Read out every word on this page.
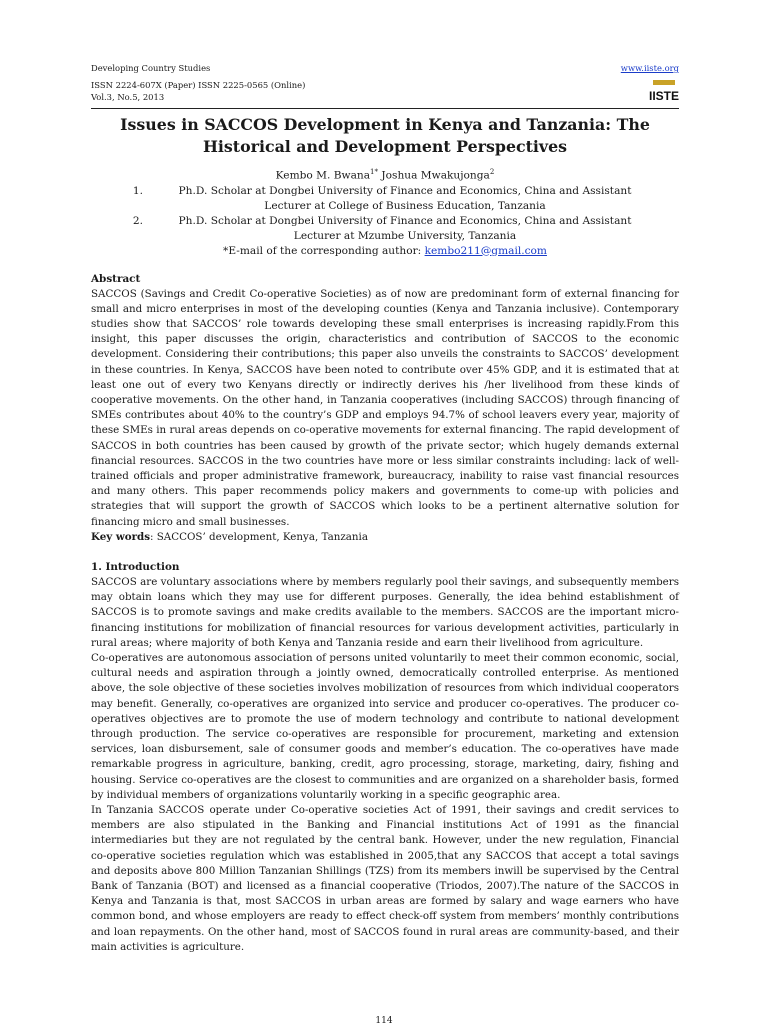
Developing Country Studies
ISSN 2224-607X (Paper) ISSN 2225-0565 (Online)
Vol.3, No.5, 2013
www.iiste.org

IISTE
Issues in SACCOS Development in Kenya and Tanzania: The Historical and Development Perspectives
Kembo M. Bwana$^{1*}$ Joshua Mwakujonga$^2$
1.	Ph.D. Scholar at Dongbei University of Finance and Economics, China and Assistant Lecturer at College of Business Education, Tanzania
2.	Ph.D. Scholar at Dongbei University of Finance and Economics, China and Assistant Lecturer at Mzumbe University, Tanzania
*E-mail of the corresponding author: kembo211@gmail.com
Abstract

SACCOS (Savings and Credit Co-operative Societies) as of now are predominant form of external financing for small and micro enterprises in most of the developing counties (Kenya and Tanzania inclusive). Contemporary studies show that SACCOS’ role towards developing these small enterprises is increasing rapidly.From this insight, this paper discusses the origin, characteristics and contribution of SACCOS to the economic development. Considering their contributions; this paper also unveils the constraints to SACCOS’ development in these countries. In Kenya, SACCOS have been noted to contribute over 45% GDP, and it is estimated that at least one out of every two Kenyans directly or indirectly derives his /her livelihood from these kinds of cooperative movements. On the other hand, in Tanzania cooperatives (including SACCOS) through financing of SMEs contributes about 40% to the country’s GDP and employs 94.7% of school leavers every year, majority of these SMEs in rural areas depends on co-operative movements for external financing. The rapid development of SACCOS in both countries has been caused by growth of the private sector; which hugely demands external financial resources. SACCOS in the two countries have more or less similar constraints including: lack of well-trained officials and proper administrative framework, bureaucracy, inability to raise vast financial resources and many others. This paper recommends policy makers and governments to come-up with policies and strategies that will support the growth of SACCOS which looks to be a pertinent alternative solution for financing micro and small businesses.

Key words: SACCOS’ development, Kenya, Tanzania
1. Introduction

SACCOS are voluntary associations where by members regularly pool their savings, and subsequently members may obtain loans which they may use for different purposes. Generally, the idea behind establishment of SACCOS is to promote savings and make credits available to the members. SACCOS are the important micro-financing institutions for mobilization of financial resources for various development activities, particularly in rural areas; where majority of both Kenya and Tanzania reside and earn their livelihood from agriculture.

Co-operatives are autonomous association of persons united voluntarily to meet their common economic, social, cultural needs and aspiration through a jointly owned, democratically controlled enterprise. As mentioned above, the sole objective of these societies involves mobilization of resources from which individual cooperators may benefit. Generally, co-operatives are organized into service and producer co-operatives. The producer co-operatives objectives are to promote the use of modern technology and contribute to national development through production. The service co-operatives are responsible for procurement, marketing and extension services, loan disbursement, sale of consumer goods and member’s education. The co-operatives have made remarkable progress in agriculture, banking, credit, agro processing, storage, marketing, dairy, fishing and housing. Service co-operatives are the closest to communities and are organized on a shareholder basis, formed by individual members of organizations voluntarily working in a specific geographic area.

In Tanzania SACCOS operate under Co-operative societies Act of 1991, their savings and credit services to members are also stipulated in the Banking and Financial institutions Act of 1991 as the financial intermediaries but they are not regulated by the central bank. However, under the new regulation, Financial co-operative societies regulation which was established in 2005,that any SACCOS that accept a total savings and deposits above 800 Million Tanzanian Shillings (TZS) from its members inwill be supervised by the Central Bank of Tanzania (BOT) and licensed as a financial cooperative (Triodos, 2007).The nature of the SACCOS in Kenya and Tanzania is that, most SACCOS in urban areas are formed by salary and wage earners who have common bond, and whose employers are ready to effect check-off system from members’ monthly contributions and loan repayments. On the other hand, most of SACCOS found in rural areas are community-based, and their main activities is agriculture.

114
